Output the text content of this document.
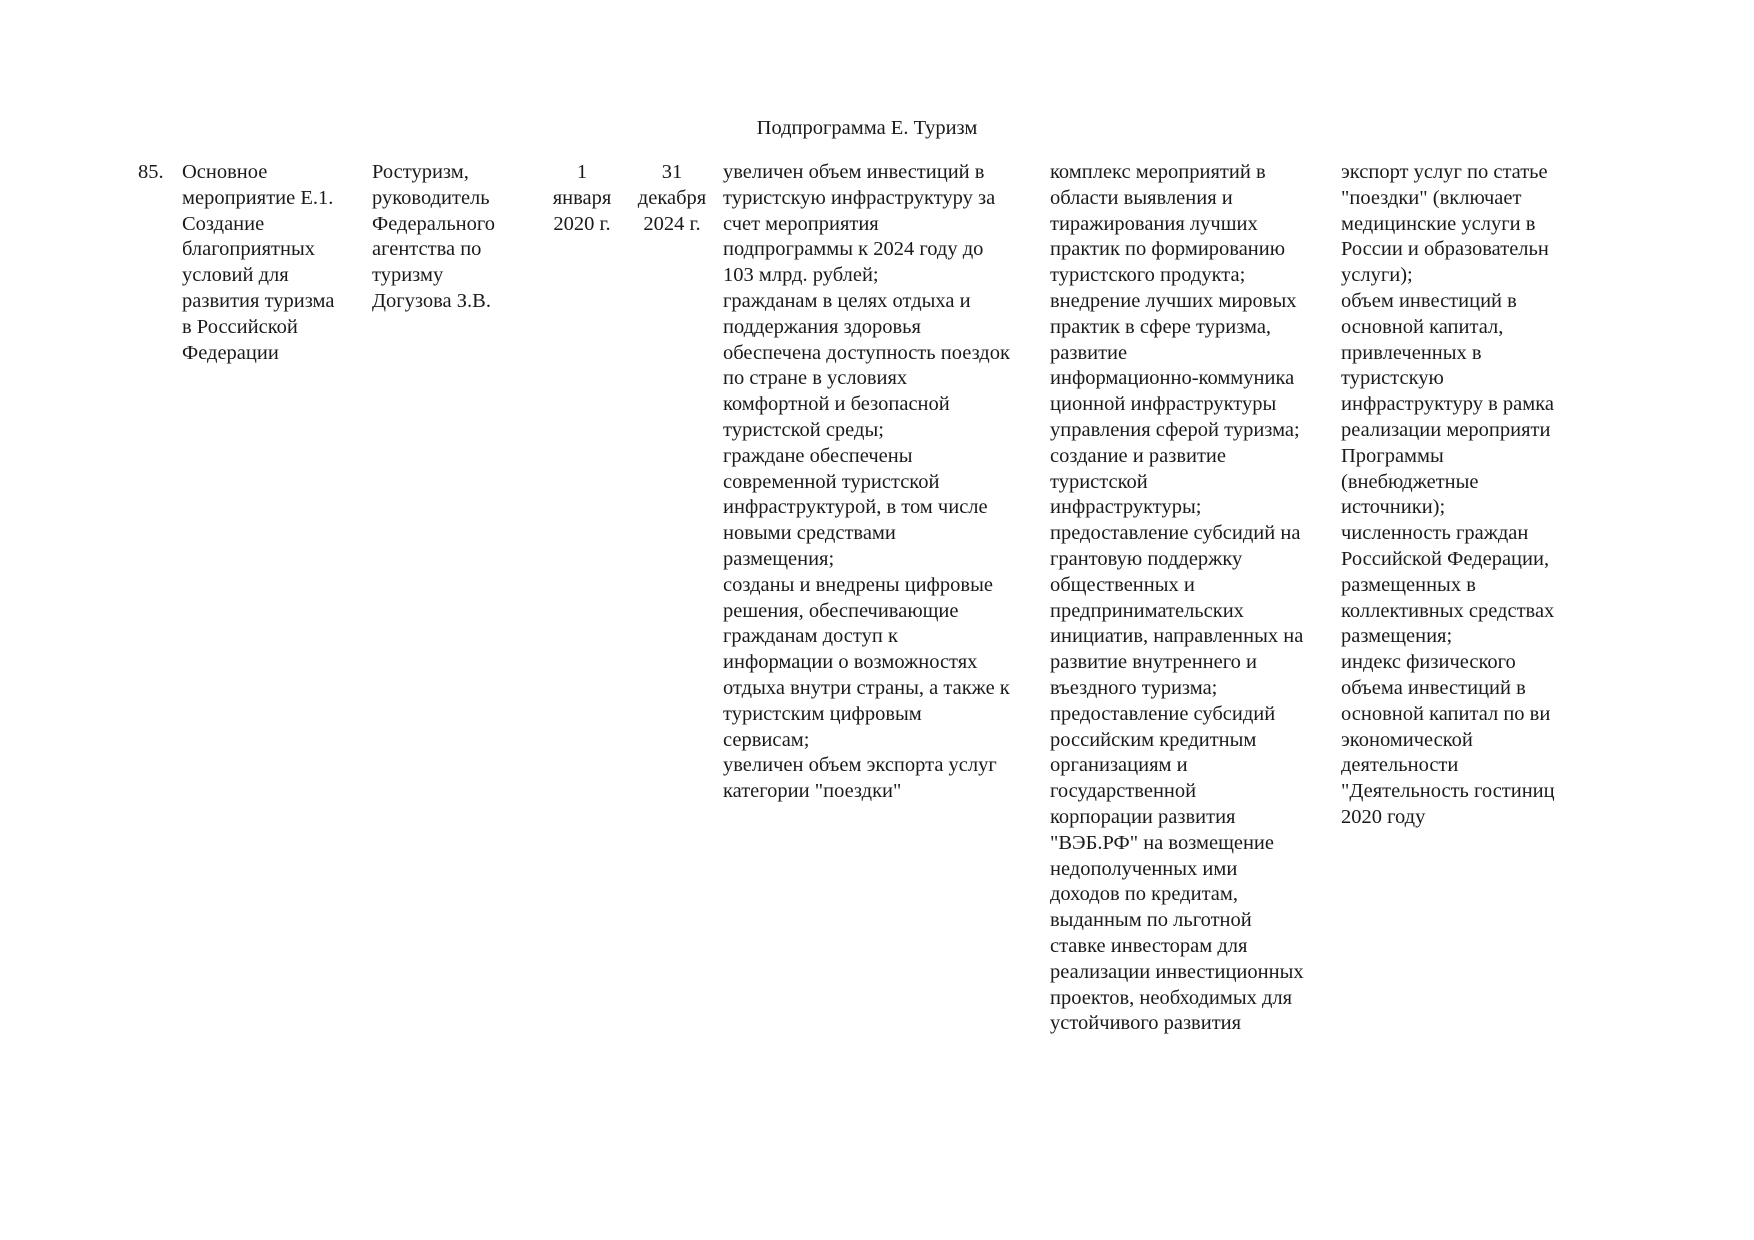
Подпрограмма Е. Туризм
85. Основное
мероприятие Е.1.
Создание
благоприятных
условий для
развития туризма
в Российской
Федерации
Ростуризм,
руководитель
Федерального
агентства по
туризму
Догузова З.В.
1
января
2020 г.
31
декабря
2024 г.
увеличен объем инвестиций в
туристскую инфраструктуру за
счет мероприятия
подпрограммы к 2024 году до
103 млрд. рублей;
гражданам в целях отдыха и
поддержания здоровья
обеспечена доступность поездок
по стране в условиях
комфортной и безопасной
туристской среды;
граждане обеспечены
современной туристской
инфраструктурой, в том числе
новыми средствами
размещения;
созданы и внедрены цифровые
решения, обеспечивающие
гражданам доступ к
информации о возможностях
отдыха внутри страны, а также к
туристским цифровым
сервисам;
увеличен объем экспорта услуг
категории "поездки"
комплекс мероприятий в
области выявления и
тиражирования лучших
практик по формированию
туристского продукта;
внедрение лучших мировых
практик в сфере туризма,
развитие
информационно-коммуника
ционной инфраструктуры
управления сферой туризма;
создание и развитие
туристской
инфраструктуры;
предоставление субсидий на
грантовую поддержку
общественных и
предпринимательских
инициатив, направленных на
развитие внутреннего и
въездного туризма;
предоставление субсидий
российским кредитным
организациям и
государственной
корпорации развития
"ВЭБ.РФ" на возмещение
недополученных ими
доходов по кредитам,
выданным по льготной
ставке инвесторам для
реализации инвестиционных
проектов, необходимых для
устойчивого развития
экспорт услуг по статье
"поездки" (включает
медицинские услуги в
России и образовательн
услуги);
объем инвестиций в
основной капитал,
привлеченных в
туристскую
инфраструктуру в рамка
реализации мероприяти
Программы
(внебюджетные
источники);
численность граждан
Российской Федерации,
размещенных в
коллективных средствах
размещения;
индекс физического
объема инвестиций в
основной капитал по ви
экономической
деятельности
"Деятельность гостиниц
2020 году
